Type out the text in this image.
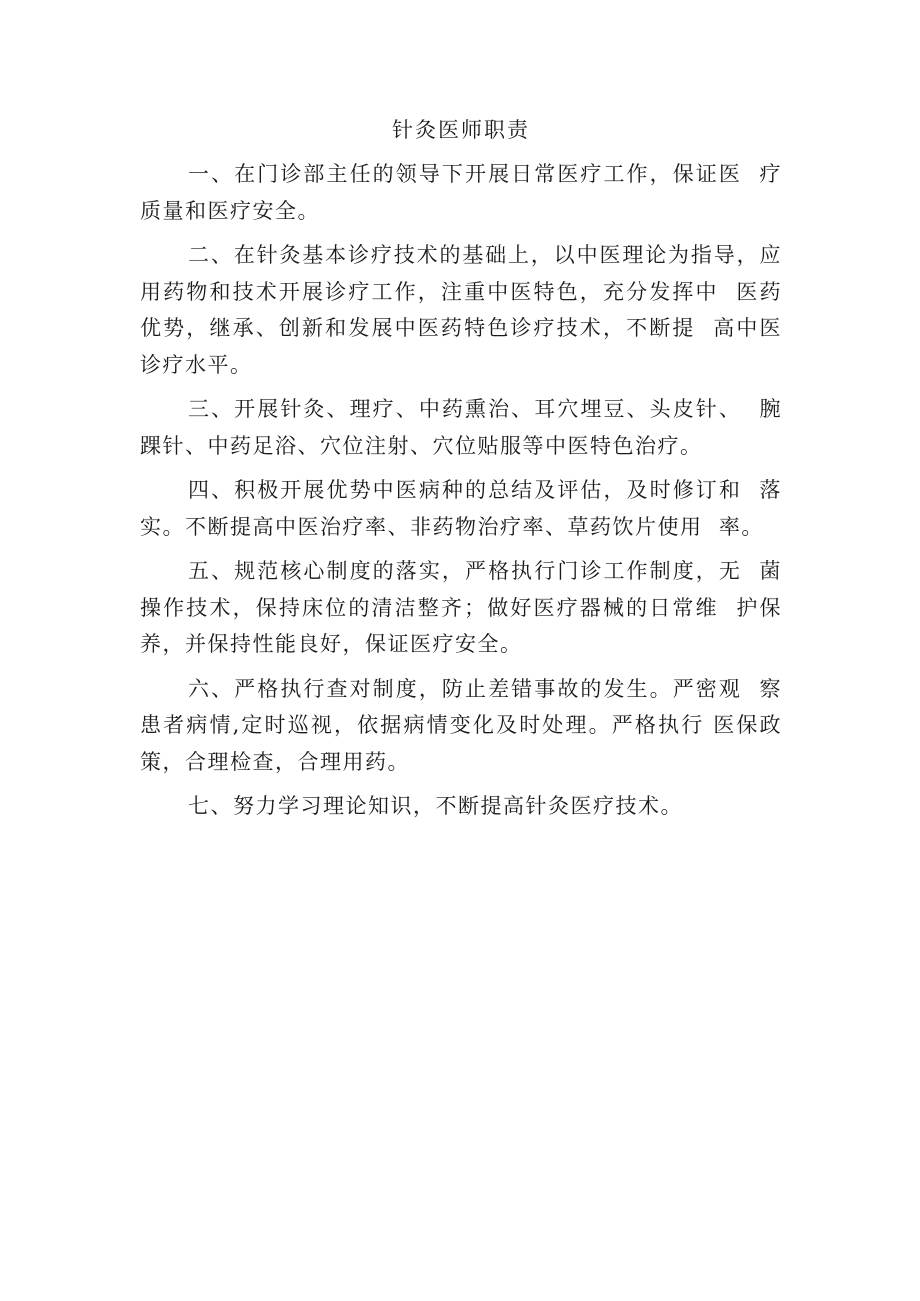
针灸医师职责

一、在门诊部主任的领导下开展日常医疗工作，保证医  疗质量和医疗安全。

二、在针灸基本诊疗技术的基础上，以中医理论为指导，应用药物和技术开展诊疗工作，注重中医特色，充分发挥中  医药优势，继承、创新和发展中医药特色诊疗技术，不断提  高中医诊疗水平。

三、开展针灸、理疗、中药熏治、耳穴埋豆、头皮针、  腕踝针、中药足浴、穴位注射、穴位贴服等中医特色治疗。

四、积极开展优势中医病种的总结及评估，及时修订和  落实。不断提高中医治疗率、非药物治疗率、草药饮片使用  率。

五、规范核心制度的落实，严格执行门诊工作制度，无  菌操作技术，保持床位的清洁整齐；做好医疗器械的日常维  护保养，并保持性能良好，保证医疗安全。

六、严格执行查对制度，防止差错事故的发生。严密观  察患者病情,定时巡视，依据病情变化及时处理。严格执行 医保政策，合理检查，合理用药。

七、努力学习理论知识，不断提高针灸医疗技术。
